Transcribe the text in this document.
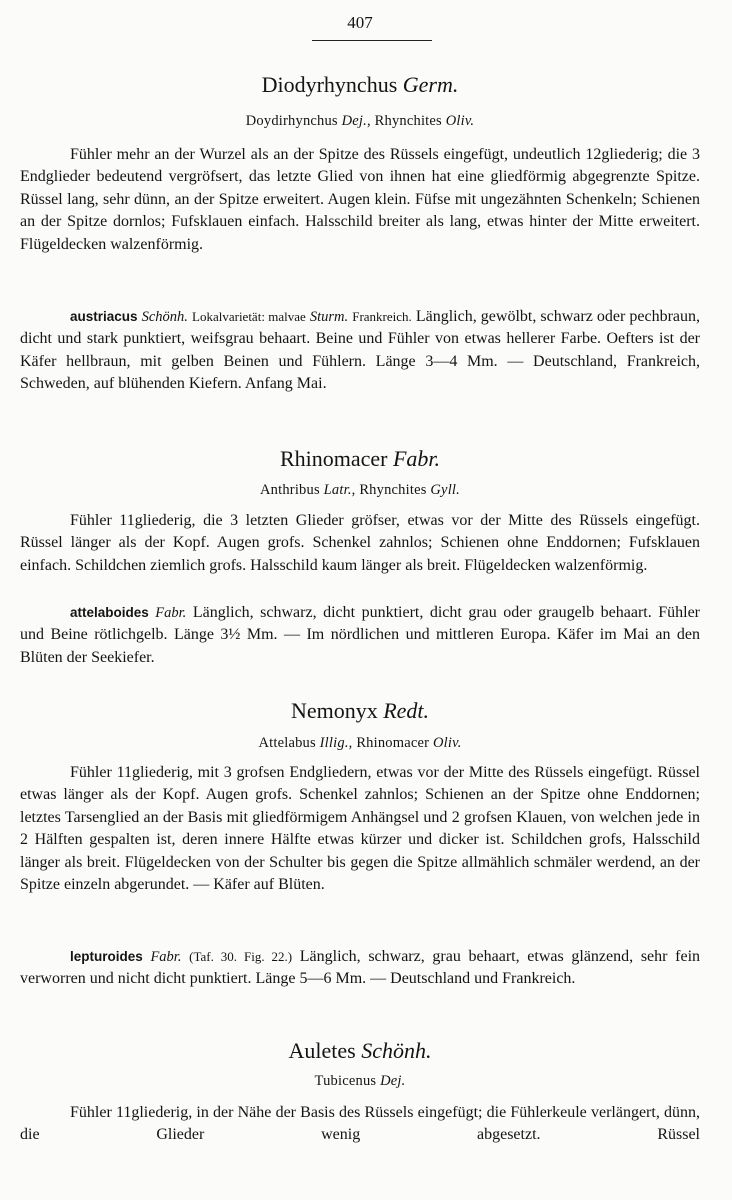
407
Diodyrhynchus Germ.
Doydirhynchus Dej., Rhynchites Oliv.

Fühler mehr an der Wurzel als an der Spitze des Rüssels eingefügt, undeutlich 12gliederig; die 3 Endglieder bedeutend vergröfsert, das letzte Glied von ihnen hat eine gliedförmig abgegrenzte Spitze. Rüssel lang, sehr dünn, an der Spitze erweitert. Augen klein. Füfse mit ungezähnten Schenkeln; Schienen an der Spitze dornlos; Fufsklauen einfach. Halsschild breiter als lang, etwas hinter der Mitte erweitert. Flügeldecken walzenförmig.

austriacus Schönh. Lokalvarietät: malvae Sturm. Frankreich. Länglich, gewölbt, schwarz oder pechbraun, dicht und stark punktiert, weifsgrau behaart. Beine und Fühler von etwas hellerer Farbe. Oefters ist der Käfer hellbraun, mit gelben Beinen und Fühlern. Länge 3—4 Mm. — Deutschland, Frankreich, Schweden, auf blühenden Kiefern. Anfang Mai.

Rhinomacer Fabr.
Anthribus Latr., Rhynchites Gyll.

Fühler 11gliederig, die 3 letzten Glieder gröfser, etwas vor der Mitte des Rüssels eingefügt. Rüssel länger als der Kopf. Augen grofs. Schenkel zahnlos; Schienen ohne Enddornen; Fufsklauen einfach. Schildchen ziemlich grofs. Halsschild kaum länger als breit. Flügeldecken walzenförmig.

attelaboides Fabr. Länglich, schwarz, dicht punktiert, dicht grau oder graugelb behaart. Fühler und Beine rötlichgelb. Länge 3½ Mm. — Im nördlichen und mittleren Europa. Käfer im Mai an den Blüten der Seekiefer.

Nemonyx Redt.
Attelabus Illig., Rhinomacer Oliv.

Fühler 11gliederig, mit 3 grofsen Endgliedern, etwas vor der Mitte des Rüssels eingefügt. Rüssel etwas länger als der Kopf. Augen grofs. Schenkel zahnlos; Schienen an der Spitze ohne Enddornen; letztes Tarsenglied an der Basis mit gliedförmigem Anhängsel und 2 grofsen Klauen, von welchen jede in 2 Hälften gespalten ist, deren innere Hälfte etwas kürzer und dicker ist. Schildchen grofs, Halsschild länger als breit. Flügeldecken von der Schulter bis gegen die Spitze allmählich schmäler werdend, an der Spitze einzeln abgerundet. — Käfer auf Blüten.

lepturoides Fabr. (Taf. 30. Fig. 22.) Länglich, schwarz, grau behaart, etwas glänzend, sehr fein verworren und nicht dicht punktiert. Länge 5—6 Mm. — Deutschland und Frankreich.

Auletes Schönh.
Tubicenus Dej.

Fühler 11gliederig, in der Nähe der Basis des Rüssels eingefügt; die Fühlerkeule verlängert, dünn, die Glieder wenig abgesetzt. Rüssel
